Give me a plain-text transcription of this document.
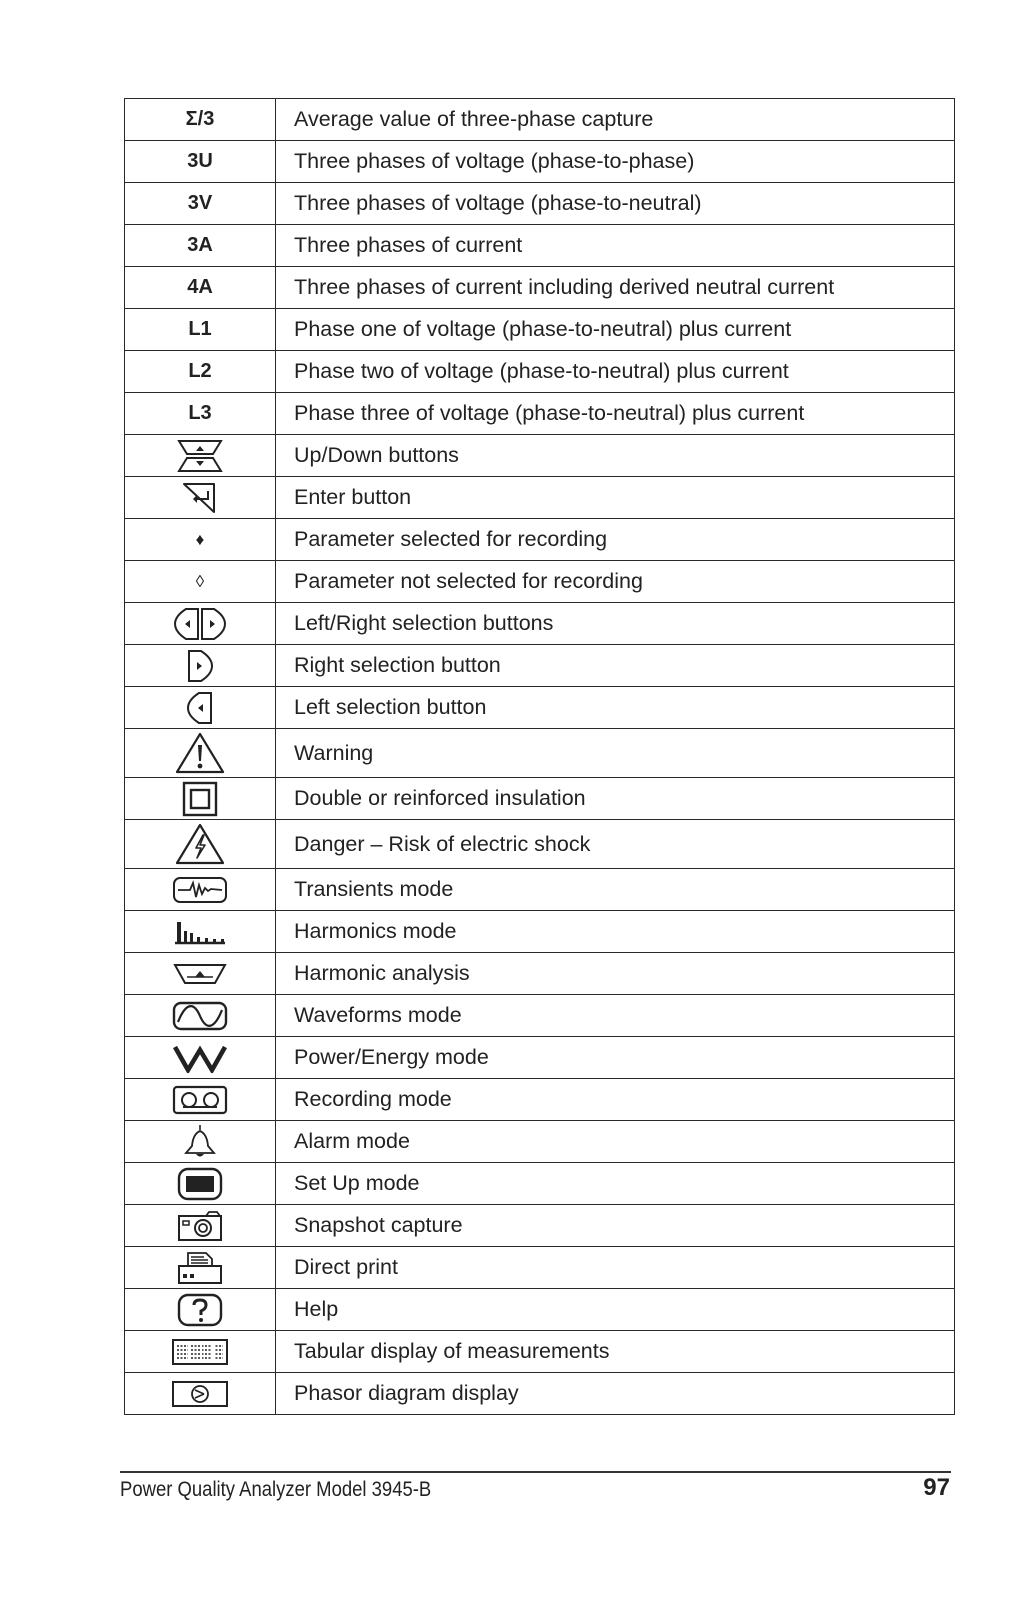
Σ/3	Average value of three-phase capture
3U	Three phases of voltage (phase-to-phase)
3V	Three phases of voltage (phase-to-neutral)
3A	Three phases of current
4A	Three phases of current including derived neutral current
L1	Phase one of voltage (phase-to-neutral) plus current
L2	Phase two of voltage (phase-to-neutral) plus current
L3	Phase three of voltage (phase-to-neutral) plus current

	Up/Down buttons

	Enter button
♦	Parameter selected for recording
◊	Parameter not selected for recording

	Left/Right selection buttons

	Right selection button

	Left selection button

	Warning

	Double or reinforced insulation

	Danger – Risk of electric shock

	Transients mode

	Harmonics mode

	Harmonic analysis

	Waveforms mode

	Power/Energy mode

	Recording mode

	Alarm mode

	Set Up mode

	Snapshot capture

	Direct print

	Help

	Tabular display of measurements

	Phasor diagram display
Power Quality Analyzer Model 3945-B	97
